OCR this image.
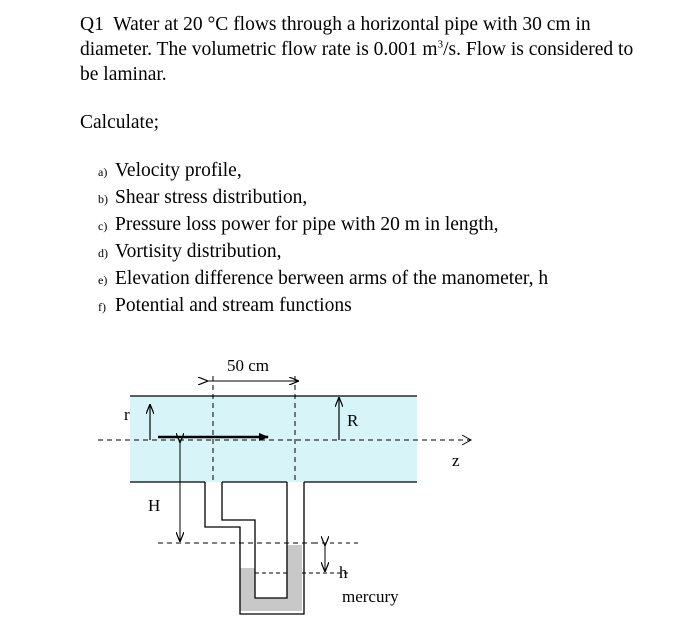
Q1 Water at 20 °C flows through a horizontal pipe with 30 cm in diameter. The volumetric flow rate is 0.001 $m^3/s$. Flow is considered to be laminar.
Calculate;
a) Velocity profile,
b) Shear stress distribution,
c) Pressure loss power for pipe with 20 m in length,
d) Vortisity distribution,
e) Elevation difference berween arms of the manometer, h
f) Potential and stream functions
r	R
z
50 cm
H
h
mercury
